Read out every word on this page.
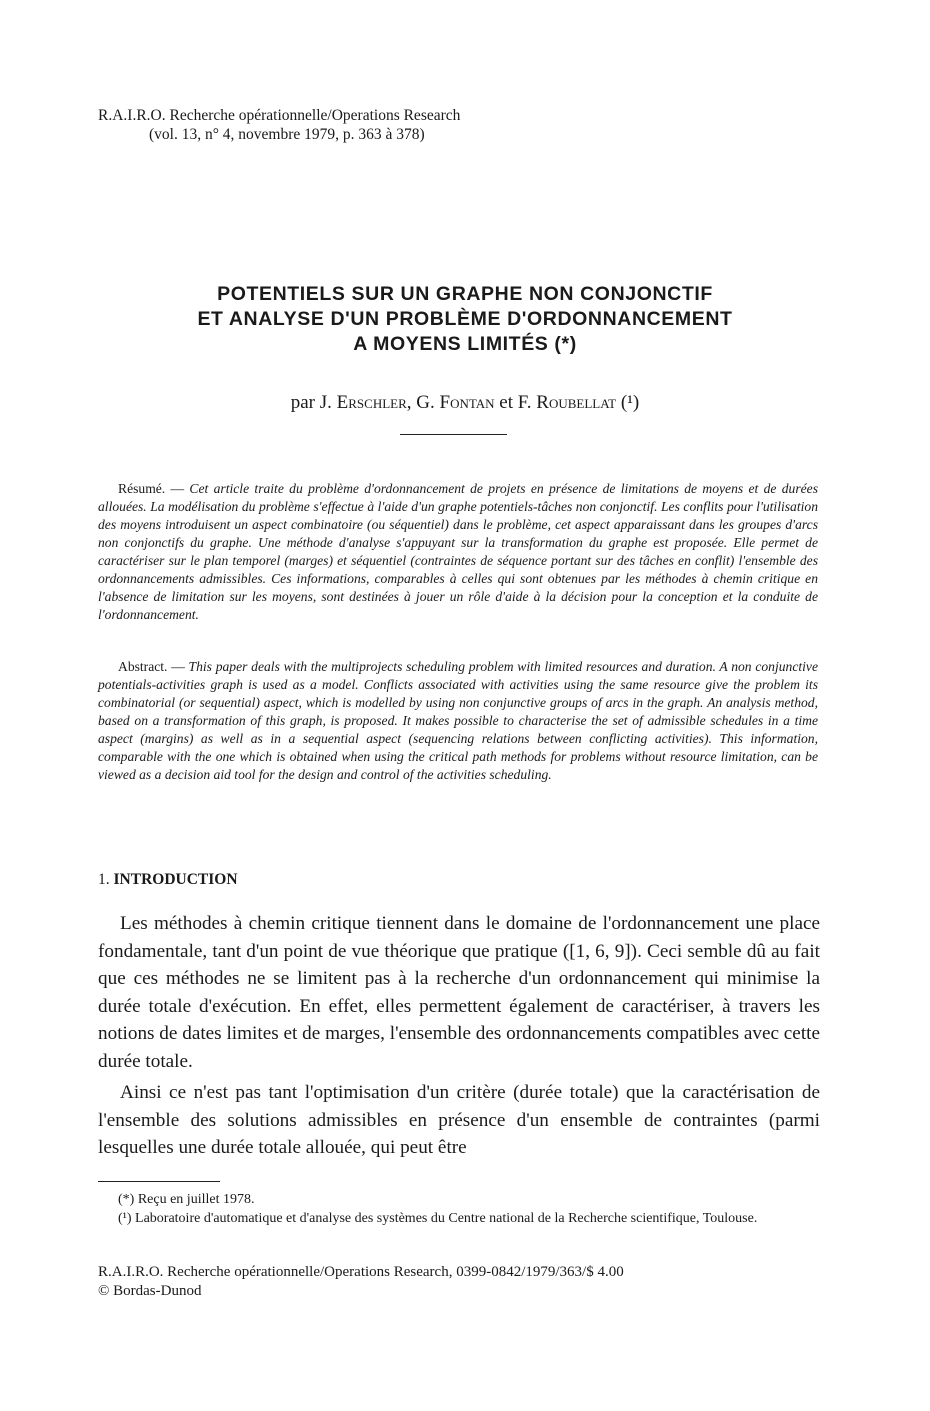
R.A.I.R.O. Recherche opérationnelle/Operations Research
(vol. 13, n° 4, novembre 1979, p. 363 à 378)
POTENTIELS SUR UN GRAPHE NON CONJONCTIF
ET ANALYSE D'UN PROBLÈME D'ORDONNANCEMENT
A MOYENS LIMITÉS (*)
par J. Erschler, G. Fontan et F. Roubellat (¹)
Résumé. — Cet article traite du problème d'ordonnancement de projets en présence de limitations de moyens et de durées allouées. La modélisation du problème s'effectue à l'aide d'un graphe potentiels-tâches non conjonctif. Les conflits pour l'utilisation des moyens introduisent un aspect combinatoire (ou séquentiel) dans le problème, cet aspect apparaissant dans les groupes d'arcs non conjonctifs du graphe. Une méthode d'analyse s'appuyant sur la transformation du graphe est proposée. Elle permet de caractériser sur le plan temporel (marges) et séquentiel (contraintes de séquence portant sur des tâches en conflit) l'ensemble des ordonnancements admissibles. Ces informations, comparables à celles qui sont obtenues par les méthodes à chemin critique en l'absence de limitation sur les moyens, sont destinées à jouer un rôle d'aide à la décision pour la conception et la conduite de l'ordonnancement.
Abstract. — This paper deals with the multiprojects scheduling problem with limited resources and duration. A non conjunctive potentials-activities graph is used as a model. Conflicts associated with activities using the same resource give the problem its combinatorial (or sequential) aspect, which is modelled by using non conjunctive groups of arcs in the graph. An analysis method, based on a transformation of this graph, is proposed. It makes possible to characterise the set of admissible schedules in a time aspect (margins) as well as in a sequential aspect (sequencing relations between conflicting activities). This information, comparable with the one which is obtained when using the critical path methods for problems without resource limitation, can be viewed as a decision aid tool for the design and control of the activities scheduling.
1. INTRODUCTION
Les méthodes à chemin critique tiennent dans le domaine de l'ordonnancement une place fondamentale, tant d'un point de vue théorique que pratique ([1, 6, 9]). Ceci semble dû au fait que ces méthodes ne se limitent pas à la recherche d'un ordonnancement qui minimise la durée totale d'exécution. En effet, elles permettent également de caractériser, à travers les notions de dates limites et de marges, l'ensemble des ordonnancements compatibles avec cette durée totale.
Ainsi ce n'est pas tant l'optimisation d'un critère (durée totale) que la caractérisation de l'ensemble des solutions admissibles en présence d'un ensemble de contraintes (parmi lesquelles une durée totale allouée, qui peut être
(*) Reçu en juillet 1978.
(¹) Laboratoire d'automatique et d'analyse des systèmes du Centre national de la Recherche scientifique, Toulouse.
R.A.I.R.O. Recherche opérationnelle/Operations Research, 0399-0842/1979/363/$ 4.00
© Bordas-Dunod
